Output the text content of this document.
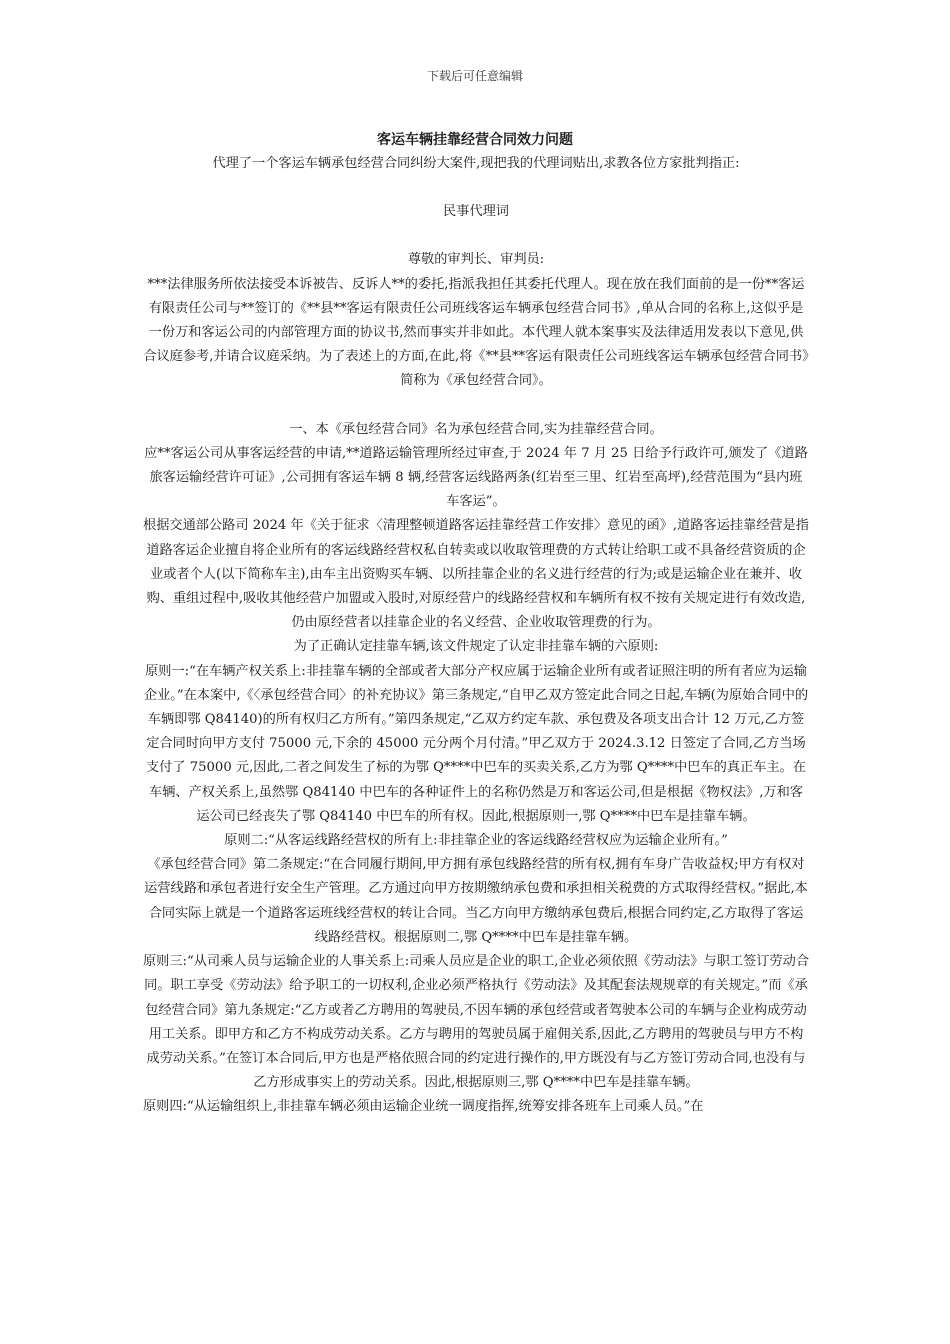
下载后可任意编辑
客运车辆挂靠经营合同效力问题

代理了一个客运车辆承包经营合同纠纷大案件,现把我的代理词贴出,求教各位方家批判指正:

民事代理词

尊敬的审判长、审判员:

***法律服务所依法接受本诉被告、反诉人**的委托,指派我担任其委托代理人。现在放在我们面前的是一份**客运有限责任公司与**签订的《**县**客运有限责任公司班线客运车辆承包经营合同书》,单从合同的名称上,这似乎是一份万和客运公司的内部管理方面的协议书,然而事实并非如此。本代理人就本案事实及法律适用发表以下意见,供合议庭参考,并请合议庭采纳。为了表述上的方面,在此,将《**县**客运有限责任公司班线客运车辆承包经营合同书》简称为《承包经营合同》。

一、本《承包经营合同》名为承包经营合同,实为挂靠经营合同。

应**客运公司从事客运经营的申请,**道路运输管理所经过审查,于 2024 年 7 月 25 日给予行政许可,颁发了《道路旅客运输经营许可证》,公司拥有客运车辆 8 辆,经营客运线路两条(红岩至三里、红岩至高坪),经营范围为“县内班车客运”。

根据交通部公路司 2024 年《关于征求〈清理整顿道路客运挂靠经营工作安排〉意见的函》,道路客运挂靠经营是指道路客运企业擅自将企业所有的客运线路经营权私自转卖或以收取管理费的方式转让给职工或不具备经营资质的企业或者个人(以下简称车主),由车主出资购买车辆、以所挂靠企业的名义进行经营的行为;或是运输企业在兼并、收购、重组过程中,吸收其他经营户加盟或入股时,对原经营户的线路经营权和车辆所有权不按有关规定进行有效改造,仍由原经营者以挂靠企业的名义经营、企业收取管理费的行为。

为了正确认定挂靠车辆,该文件规定了认定非挂靠车辆的六原则:

原则一:“在车辆产权关系上:非挂靠车辆的全部或者大部分产权应属于运输企业所有或者证照注明的所有者应为运输企业。”在本案中,《〈承包经营合同〉的补充协议》第三条规定,“自甲乙双方签定此合同之日起,车辆(为原始合同中的车辆即鄂 Q84140)的所有权归乙方所有。”第四条规定,“乙双方约定车款、承包费及各项支出合计 12 万元,乙方签定合同时向甲方支付 75000 元,下余的 45000 元分两个月付清。”甲乙双方于 2024.3.12 日签定了合同,乙方当场支付了 75000 元,因此,二者之间发生了标的为鄂 Q****中巴车的买卖关系,乙方为鄂 Q****中巴车的真正车主。在车辆、产权关系上,虽然鄂 Q84140 中巴车的各种证件上的名称仍然是万和客运公司,但是根据《物权法》,万和客运公司已经丧失了鄂 Q84140 中巴车的所有权。因此,根据原则一,鄂 Q****中巴车是挂靠车辆。

原则二:“从客运线路经营权的所有上:非挂靠企业的客运线路经营权应为运输企业所有。”

《承包经营合同》第二条规定:“在合同履行期间,甲方拥有承包线路经营的所有权,拥有车身广告收益权;甲方有权对运营线路和承包者进行安全生产管理。乙方通过向甲方按期缴纳承包费和承担相关税费的方式取得经营权。”据此,本合同实际上就是一个道路客运班线经营权的转让合同。当乙方向甲方缴纳承包费后,根据合同约定,乙方取得了客运线路经营权。根据原则二,鄂 Q****中巴车是挂靠车辆。

原则三:“从司乘人员与运输企业的人事关系上:司乘人员应是企业的职工,企业必须依照《劳动法》与职工签订劳动合同。职工享受《劳动法》给予职工的一切权利,企业必须严格执行《劳动法》及其配套法规规章的有关规定。”而《承包经营合同》第九条规定:“乙方或者乙方聘用的驾驶员,不因车辆的承包经营或者驾驶本公司的车辆与企业构成劳动用工关系。即甲方和乙方不构成劳动关系。乙方与聘用的驾驶员属于雇佣关系,因此,乙方聘用的驾驶员与甲方不构成劳动关系。”在签订本合同后,甲方也是严格依照合同的约定进行操作的,甲方既没有与乙方签订劳动合同,也没有与乙方形成事实上的劳动关系。因此,根据原则三,鄂 Q****中巴车是挂靠车辆。

原则四:“从运输组织上,非挂靠车辆必须由运输企业统一调度指挥,统筹安排各班车上司乘人员。”在
